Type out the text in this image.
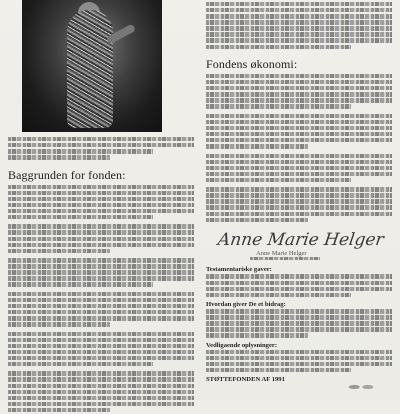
Baggrunden for fonden:
Fondens økonomi:
Anne Marie Helger
Anne Marie Helger
Testamentariske gaver:
Hvordan giver De et bidrag:
Vedligaende oplysninger:
STØTTEFONDEN AF 1991
